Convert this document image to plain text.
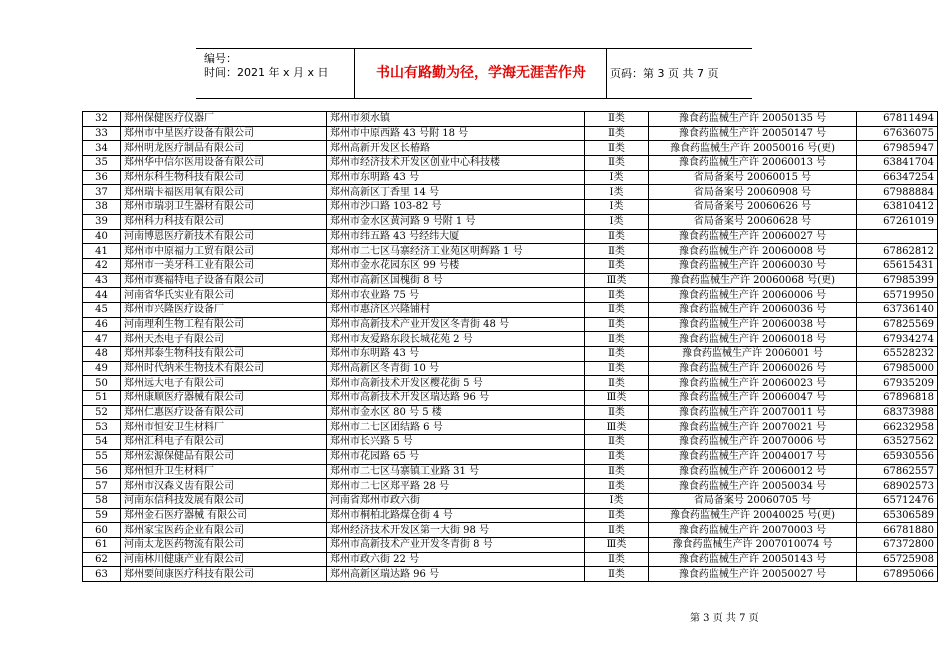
编号：
时间：2021 年 x 月 x 日	书山有路勤为径，学海无涯苦作舟	页码：第 3 页 共 7 页
32	郑州保健医疗仪器厂	郑州市须水镇	Ⅱ类	豫食药监械生产许 20050135 号	67811494
33	郑州市中星医疗设备有限公司	郑州市中原西路 43 号附 18 号	Ⅱ类	豫食药监械生产许 20050147 号	67636075
34	郑州明龙医疗制品有限公司	郑州高新开发区长椿路	Ⅱ类	豫食药监械生产许 20050016 号(更)	67985947
35	郑州华中信尔医用设备有限公司	郑州市经济技术开发区创业中心科技楼	Ⅱ类	豫食药监械生产许 20060013 号	63841704
36	郑州东科生物科技有限公司	郑州市东明路 43 号	Ⅰ类	省局备案号 20060015 号	66347254
37	郑州瑞卡福医用氧有限公司	郑州高新区丁香里 14 号	Ⅰ类	省局备案号 20060908 号	67988884
38	郑州市瑞羽卫生器材有限公司	郑州市沙口路 103-82 号	Ⅰ类	省局备案号 20060626 号	63810412
39	郑州科力科技有限公司	郑州市金水区黄河路 9 号附 1 号	Ⅰ类	省局备案号 20060628 号	67261019
40	河南博恩医疗新技术有限公司	郑州市纬五路 43 号经纬大厦	Ⅱ类	豫食药监械生产许 20060027 号	
41	郑州市中原福力工贸有限公司	郑州市二七区马寨经济工业苑区明辉路 1 号	Ⅱ类	豫食药监械生产许 20060008 号	67862812
42	郑州市一美牙科工业有限公司	郑州市金水花园东区 99 号楼	Ⅱ类	豫食药监械生产许 20060030 号	65615431
43	郑州市赛福特电子设备有限公司	郑州市高新区国槐街 8 号	Ⅲ类	豫食药监械生产许 20060068 号(更)	67985399
44	河南省华氏实业有限公司	郑州市农业路 75 号	Ⅱ类	豫食药监械生产许 20060006 号	65719950
45	郑州市兴隆医疗设备厂	郑州市惠济区兴隆铺村	Ⅱ类	豫食药监械生产许 20060036 号	63736140
46	河南理利生物工程有限公司	郑州市高新技术产业开发区冬青街 48 号	Ⅱ类	豫食药监械生产许 20060038 号	67825569
47	郑州天杰电子有限公司	郑州市友爱路东段长城花苑 2 号	Ⅱ类	豫食药监械生产许 20060018 号	67934274
48	郑州邦泰生物科技有限公司	郑州市东明路 43 号	Ⅱ类	豫食药监械生产许 2006001 号	65528232
49	郑州时代纳米生物技术有限公司	郑州高新区冬青街 10 号	Ⅱ类	豫食药监械生产许 20060026 号	67985000
50	郑州远大电子有限公司	郑州市高新技术开发区樱花街 5 号	Ⅱ类	豫食药监械生产许 20060023 号	67935209
51	郑州康顺医疗器械有限公司	郑州市高新技术开发区瑞达路 96 号	Ⅲ类	豫食药监械生产许 20060047 号	67896818
52	郑州仁惠医疗设备有限公司	郑州市金水区 80 号 5 楼	Ⅱ类	豫食药监械生产许 20070011 号	68373988
53	郑州市恒安卫生材料厂	郑州市二七区团结路 6 号	Ⅲ类	豫食药监械生产许 20070021 号	66232958
54	郑州汇科电子有限公司	郑州市长兴路 5 号	Ⅱ类	豫食药监械生产许 20070006 号	63527562
55	郑州宏源保健品有限公司	郑州市花园路 65 号	Ⅱ类	豫食药监械生产许 20040017 号	65930556
56	郑州恒升卫生材料厂	郑州市二七区马寨镇工业路 31 号	Ⅱ类	豫食药监械生产许 20060012 号	67862557
57	郑州市汉森义齿有限公司	郑州市二七区郑平路 28 号	Ⅱ类	豫食药监械生产许 20050034 号	68902573
58	河南东信科技发展有限公司	河南省郑州市政六街	Ⅰ类	省局备案号 20060705 号	65712476
59	郑州金石医疗器械 有限公司	郑州市桐柏北路煤仓街 4 号	Ⅱ类	豫食药监械生产许 20040025 号(更)	65306589
60	郑州家宝医药企业有限公司	郑州经济技术开发区第一大街 98 号	Ⅱ类	豫食药监械生产许 20070003 号	66781880
61	河南太龙医药物流有限公司	郑州市高新技术产业开发冬青街 8 号	Ⅲ类	豫食药监械生产许 2007010074 号	67372800
62	河南林川健康产业有限公司	郑州市政六街 22 号	Ⅱ类	豫食药监械生产许 20050143 号	65725908
63	郑州要间康医疗科技有限公司	郑州高新区瑞达路 96 号	Ⅱ类	豫食药监械生产许 20050027 号	67895066
第 3 页 共 7 页
